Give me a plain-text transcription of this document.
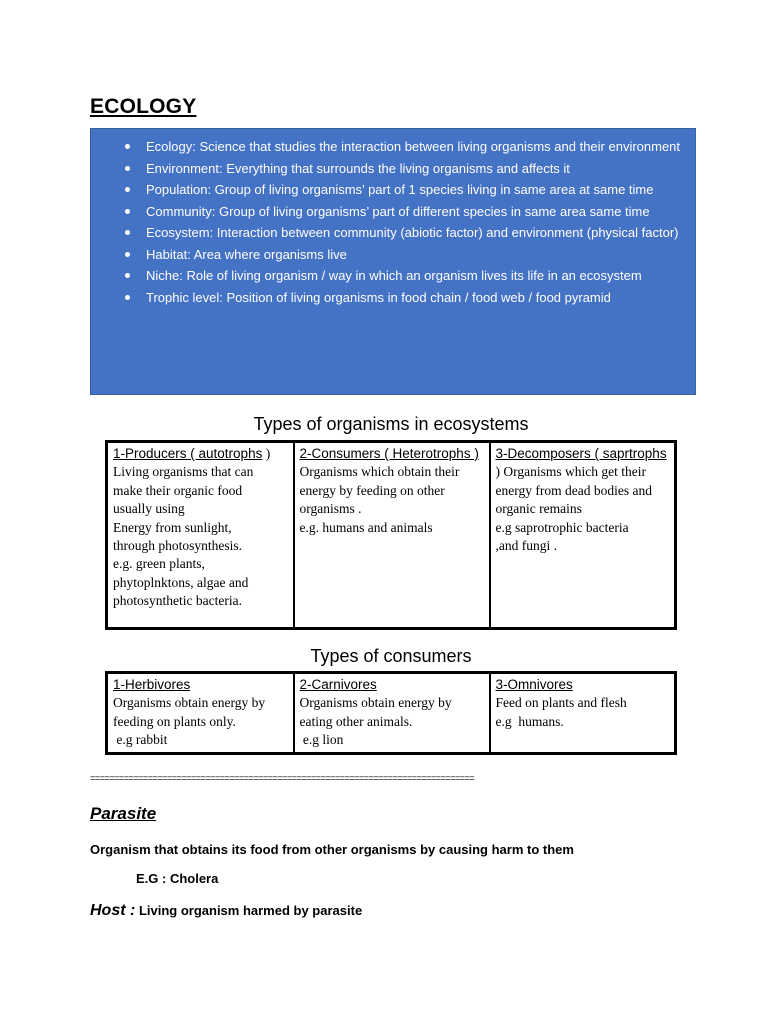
ECOLOGY
Ecology: Science that studies the interaction between living organisms and their environment
Environment: Everything that surrounds the living organisms and affects it
Population: Group of living organisms’ part of 1 species living in same area at same time
Community: Group of living organisms’ part of different species in same area same time
Ecosystem: Interaction between community (abiotic factor) and environment (physical factor)
Habitat: Area where organisms live
Niche: Role of living organism / way in which an organism lives its life in an ecosystem
Trophic level: Position of living organisms in food chain / food web / food pyramid
Types of organisms in ecosystems
1-Producers ( autotrophs )
Living organisms that can
make their organic food
usually using
Energy from sunlight,
through photosynthesis.
e.g. green plants,
phytoplnktons, algae and
photosynthetic bacteria.
	2-Consumers ( Heterotrophs ) Organisms which obtain their energy by feeding on other organisms .
e.g. humans and animals
	3-Decomposers ( saprtrophs ) Organisms which get their energy from dead bodies and organic remains
e.g saprotrophic bacteria
,and fungi .
Types of consumers
1-Herbivores
Organisms obtain energy by
feeding on plants only.
e.g rabbit

2-Carnivores
Organisms obtain energy by
eating other animals.
e.g lion

3-Omnivores
Feed on plants and flesh
e.g  humans.
================================================================================
Parasite
Organism that obtains its food from other organisms by causing harm to them
E.G : Cholera
Host : Living organism harmed by parasite
